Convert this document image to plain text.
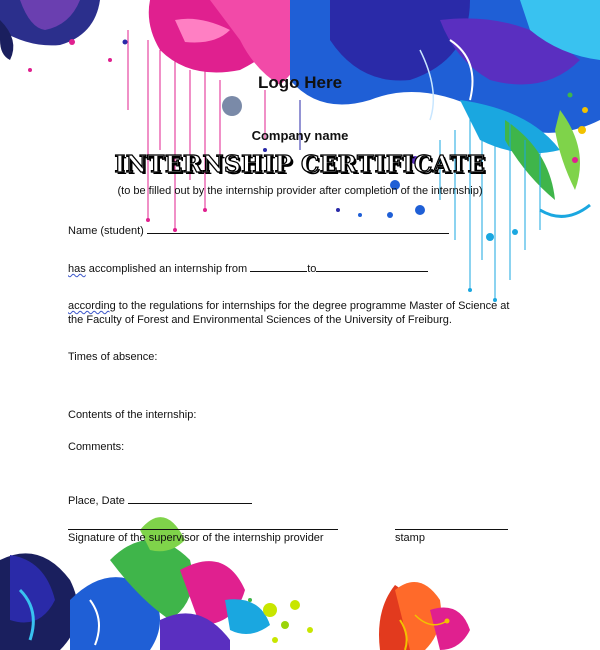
Logo Here
Company name
INTERNSHIP CERTIFICATE
(to be filled out by the internship provider after completion of the internship)
Name (student)
has accomplished an internship from	to
according to the regulations for internships for the degree programme Master of Science at
the Faculty of Forest and Environmental Sciences of the University of Freiburg.
Times of absence:
Contents of the internship:
Comments:
Place, Date
Signature of the supervisor of the internship provider	stamp
